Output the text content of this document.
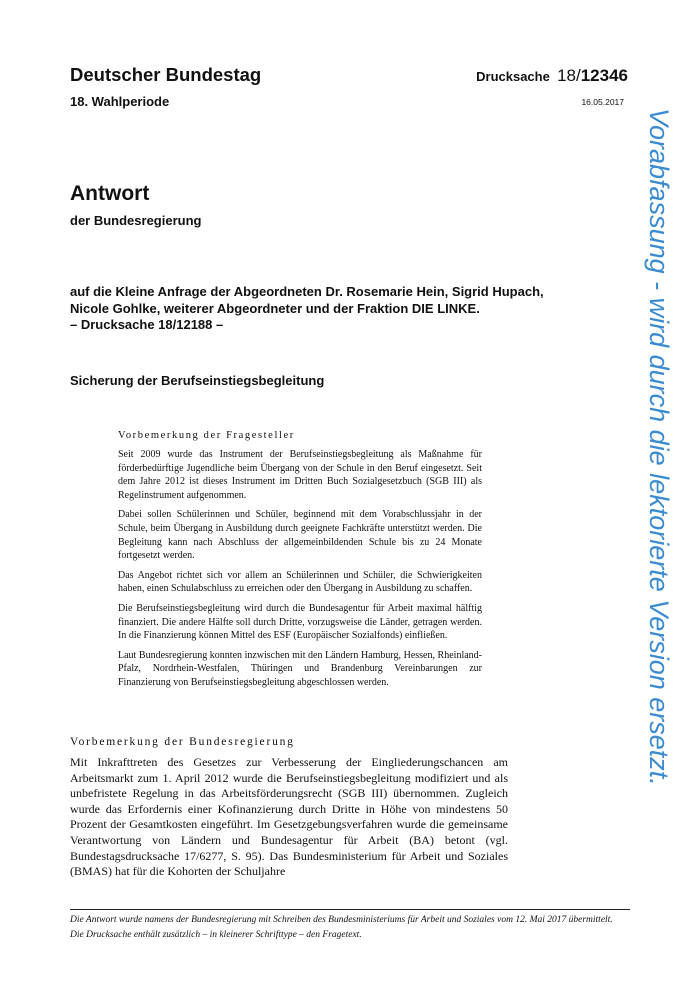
Deutscher Bundestag
18. Wahlperiode
Drucksache 18/12346
16.05.2017
Antwort
der Bundesregierung
auf die Kleine Anfrage der Abgeordneten Dr. Rosemarie Hein, Sigrid Hupach,
Nicole Gohlke, weiterer Abgeordneter und der Fraktion DIE LINKE.
– Drucksache 18/12188 –
Sicherung der Berufseinstiegsbegleitung
Vorbemerkung der Fragesteller

Seit 2009 wurde das Instrument der Berufseinstiegsbegleitung als Maßnahme für förderbedürftige Jugendliche beim Übergang von der Schule in den Beruf eingesetzt. Seit dem Jahre 2012 ist dieses Instrument im Dritten Buch Sozialgesetzbuch (SGB III) als Regelinstrument aufgenommen.

Dabei sollen Schülerinnen und Schüler, beginnend mit dem Vorabschlussjahr in der Schule, beim Übergang in Ausbildung durch geeignete Fachkräfte unterstützt werden. Die Begleitung kann nach Abschluss der allgemeinbildenden Schule bis zu 24 Monate fortgesetzt werden.

Das Angebot richtet sich vor allem an Schülerinnen und Schüler, die Schwierigkeiten haben, einen Schulabschluss zu erreichen oder den Übergang in Ausbildung zu schaffen.

Die Berufseinstiegsbegleitung wird durch die Bundesagentur für Arbeit maximal hälftig finanziert. Die andere Hälfte soll durch Dritte, vorzugsweise die Länder, getragen werden. In die Finanzierung können Mittel des ESF (Europäischer Sozialfonds) einfließen.

Laut Bundesregierung konnten inzwischen mit den Ländern Hamburg, Hessen, Rheinland-Pfalz, Nordrhein-Westfalen, Thüringen und Brandenburg Vereinbarungen zur Finanzierung von Berufseinstiegsbegleitung abgeschlossen werden.

Vorbemerkung der Bundesregierung

Mit Inkrafttreten des Gesetzes zur Verbesserung der Eingliederungschancen am Arbeitsmarkt zum 1. April 2012 wurde die Berufseinstiegsbegleitung modifiziert und als unbefristete Regelung in das Arbeitsförderungsrecht (SGB III) übernommen. Zugleich wurde das Erfordernis einer Kofinanzierung durch Dritte in Höhe von mindestens 50 Prozent der Gesamtkosten eingeführt. Im Gesetzgebungsverfahren wurde die gemeinsame Verantwortung von Ländern und Bundesagentur für Arbeit (BA) betont (vgl. Bundestagsdrucksache 17/6277, S. 95). Das Bundesministerium für Arbeit und Soziales (BMAS) hat für die Kohorten der Schuljahre

Die Antwort wurde namens der Bundesregierung mit Schreiben des Bundesministeriums für Arbeit und Soziales vom 12. Mai 2017 übermittelt.

Die Drucksache enthält zusätzlich – in kleinerer Schrifttype – den Fragetext.

Vorabfassung - wird durch die lektorierte Version ersetzt.
